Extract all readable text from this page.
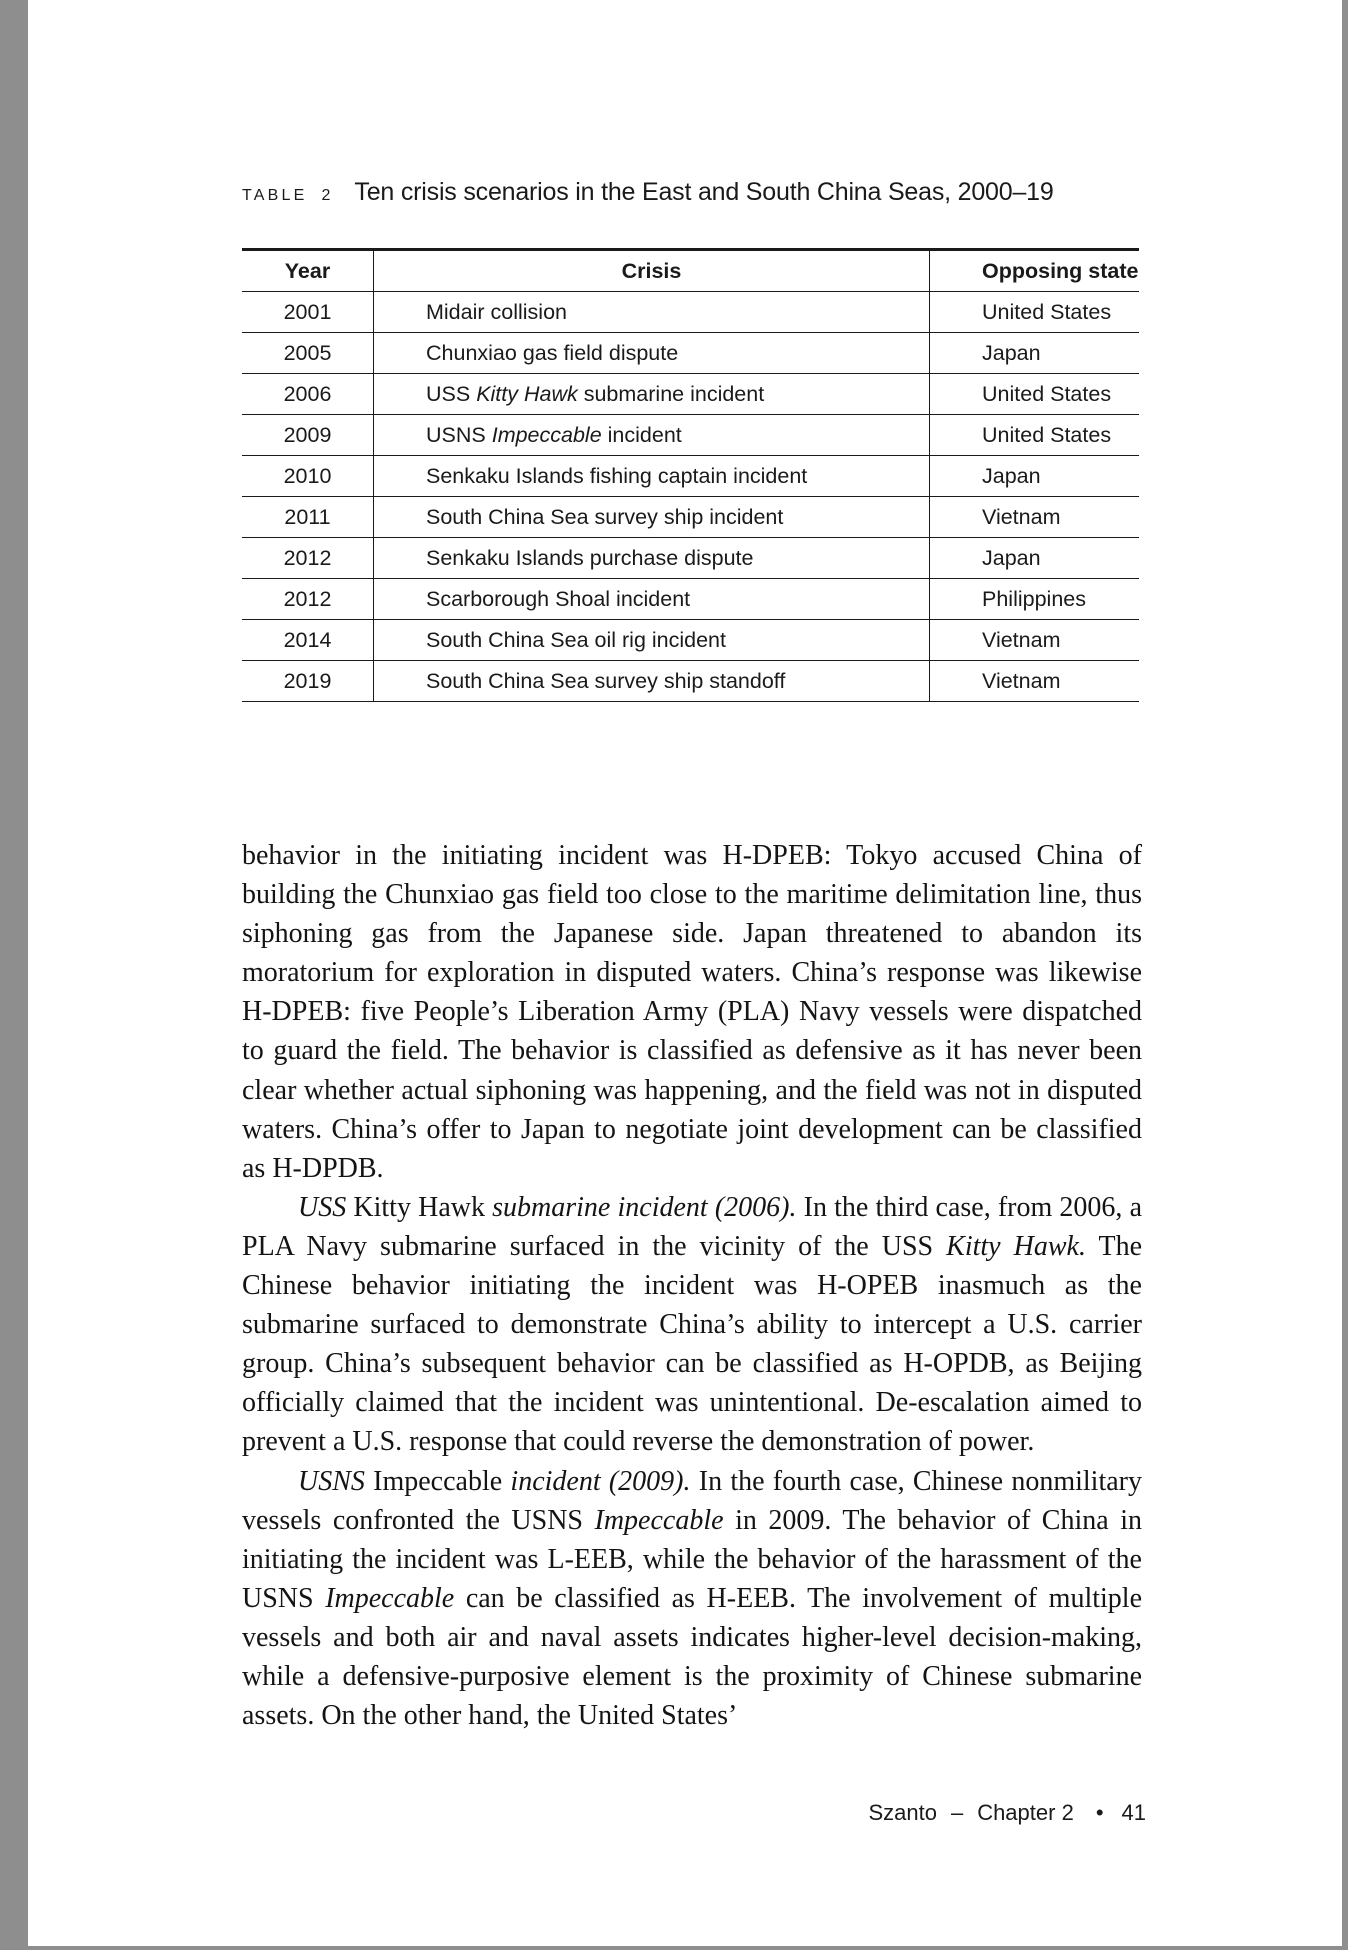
TABLE 2 Ten crisis scenarios in the East and South China Seas, 2000–19
Year	Crisis	Opposing state
2001	Midair collision	United States
2005	Chunxiao gas field dispute	Japan
2006	USS Kitty Hawk submarine incident	United States
2009	USNS Impeccable incident	United States
2010	Senkaku Islands fishing captain incident	Japan
2011	South China Sea survey ship incident	Vietnam
2012	Senkaku Islands purchase dispute	Japan
2012	Scarborough Shoal incident	Philippines
2014	South China Sea oil rig incident	Vietnam
2019	South China Sea survey ship standoff	Vietnam

behavior in the initiating incident was H-DPEB: Tokyo accused China of building the Chunxiao gas field too close to the maritime delimitation line, thus siphoning gas from the Japanese side. Japan threatened to abandon its moratorium for exploration in disputed waters. China’s response was likewise H-DPEB: five People’s Liberation Army (PLA) Navy vessels were dispatched to guard the field. The behavior is classified as defensive as it has never been clear whether actual siphoning was happening, and the field was not in disputed waters. China’s offer to Japan to negotiate joint development can be classified as H-DPDB.

USS Kitty Hawk submarine incident (2006). In the third case, from 2006, a PLA Navy submarine surfaced in the vicinity of the USS Kitty Hawk. The Chinese behavior initiating the incident was H-OPEB inasmuch as the submarine surfaced to demonstrate China’s ability to intercept a U.S. carrier group. China’s subsequent behavior can be classified as H-OPDB, as Beijing officially claimed that the incident was unintentional. De-escalation aimed to prevent a U.S. response that could reverse the demonstration of power.

USNS Impeccable incident (2009). In the fourth case, Chinese nonmilitary vessels confronted the USNS Impeccable in 2009. The behavior of China in initiating the incident was L-EEB, while the behavior of the harassment of the USNS Impeccable can be classified as H-EEB. The involvement of multiple vessels and both air and naval assets indicates higher-level decision-making, while a defensive-purposive element is the proximity of Chinese submarine assets. On the other hand, the United States’

Szanto – Chapter 2 • 41
